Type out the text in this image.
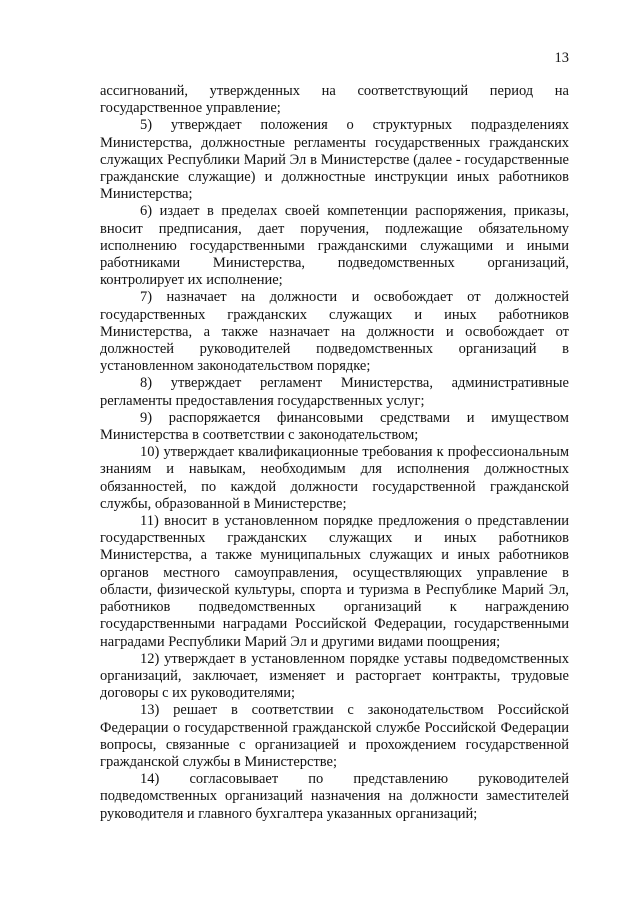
13

ассигнований, утвержденных на соответствующий период на государственное управление;

5) утверждает положения о структурных подразделениях Министерства, должностные регламенты государственных гражданских служащих Республики Марий Эл в Министерстве (далее - государственные гражданские служащие) и должностные инструкции иных работников Министерства;

6) издает в пределах своей компетенции распоряжения, приказы, вносит предписания, дает поручения, подлежащие обязательному исполнению государственными гражданскими служащими и иными работниками Министерства, подведомственных организаций, контролирует их исполнение;

7) назначает на должности и освобождает от должностей государственных гражданских служащих и иных работников Министерства, а также назначает на должности и освобождает от должностей руководителей подведомственных организаций в установленном законодательством порядке;

8) утверждает регламент Министерства, административные регламенты предоставления государственных услуг;

9) распоряжается финансовыми средствами и имуществом Министерства в соответствии с законодательством;

10) утверждает квалификационные требования к профессиональным знаниям и навыкам, необходимым для исполнения должностных обязанностей, по каждой должности государственной гражданской службы, образованной в Министерстве;

11) вносит в установленном порядке предложения о представлении государственных гражданских служащих и иных работников Министерства, а также муниципальных служащих и иных работников органов местного самоуправления, осуществляющих управление в области, физической культуры, спорта и туризма в Республике Марий Эл, работников подведомственных организаций к награждению государственными наградами Российской Федерации, государственными наградами Республики Марий Эл и другими видами поощрения;

12) утверждает в установленном порядке уставы подведомственных организаций, заключает, изменяет и расторгает контракты, трудовые договоры с их руководителями;

13) решает в соответствии с законодательством Российской Федерации о государственной гражданской службе Российской Федерации вопросы, связанные с организацией и прохождением государственной гражданской службы в Министерстве;

14) согласовывает по представлению руководителей подведомственных организаций назначения на должности заместителей руководителя и главного бухгалтера указанных организаций;
